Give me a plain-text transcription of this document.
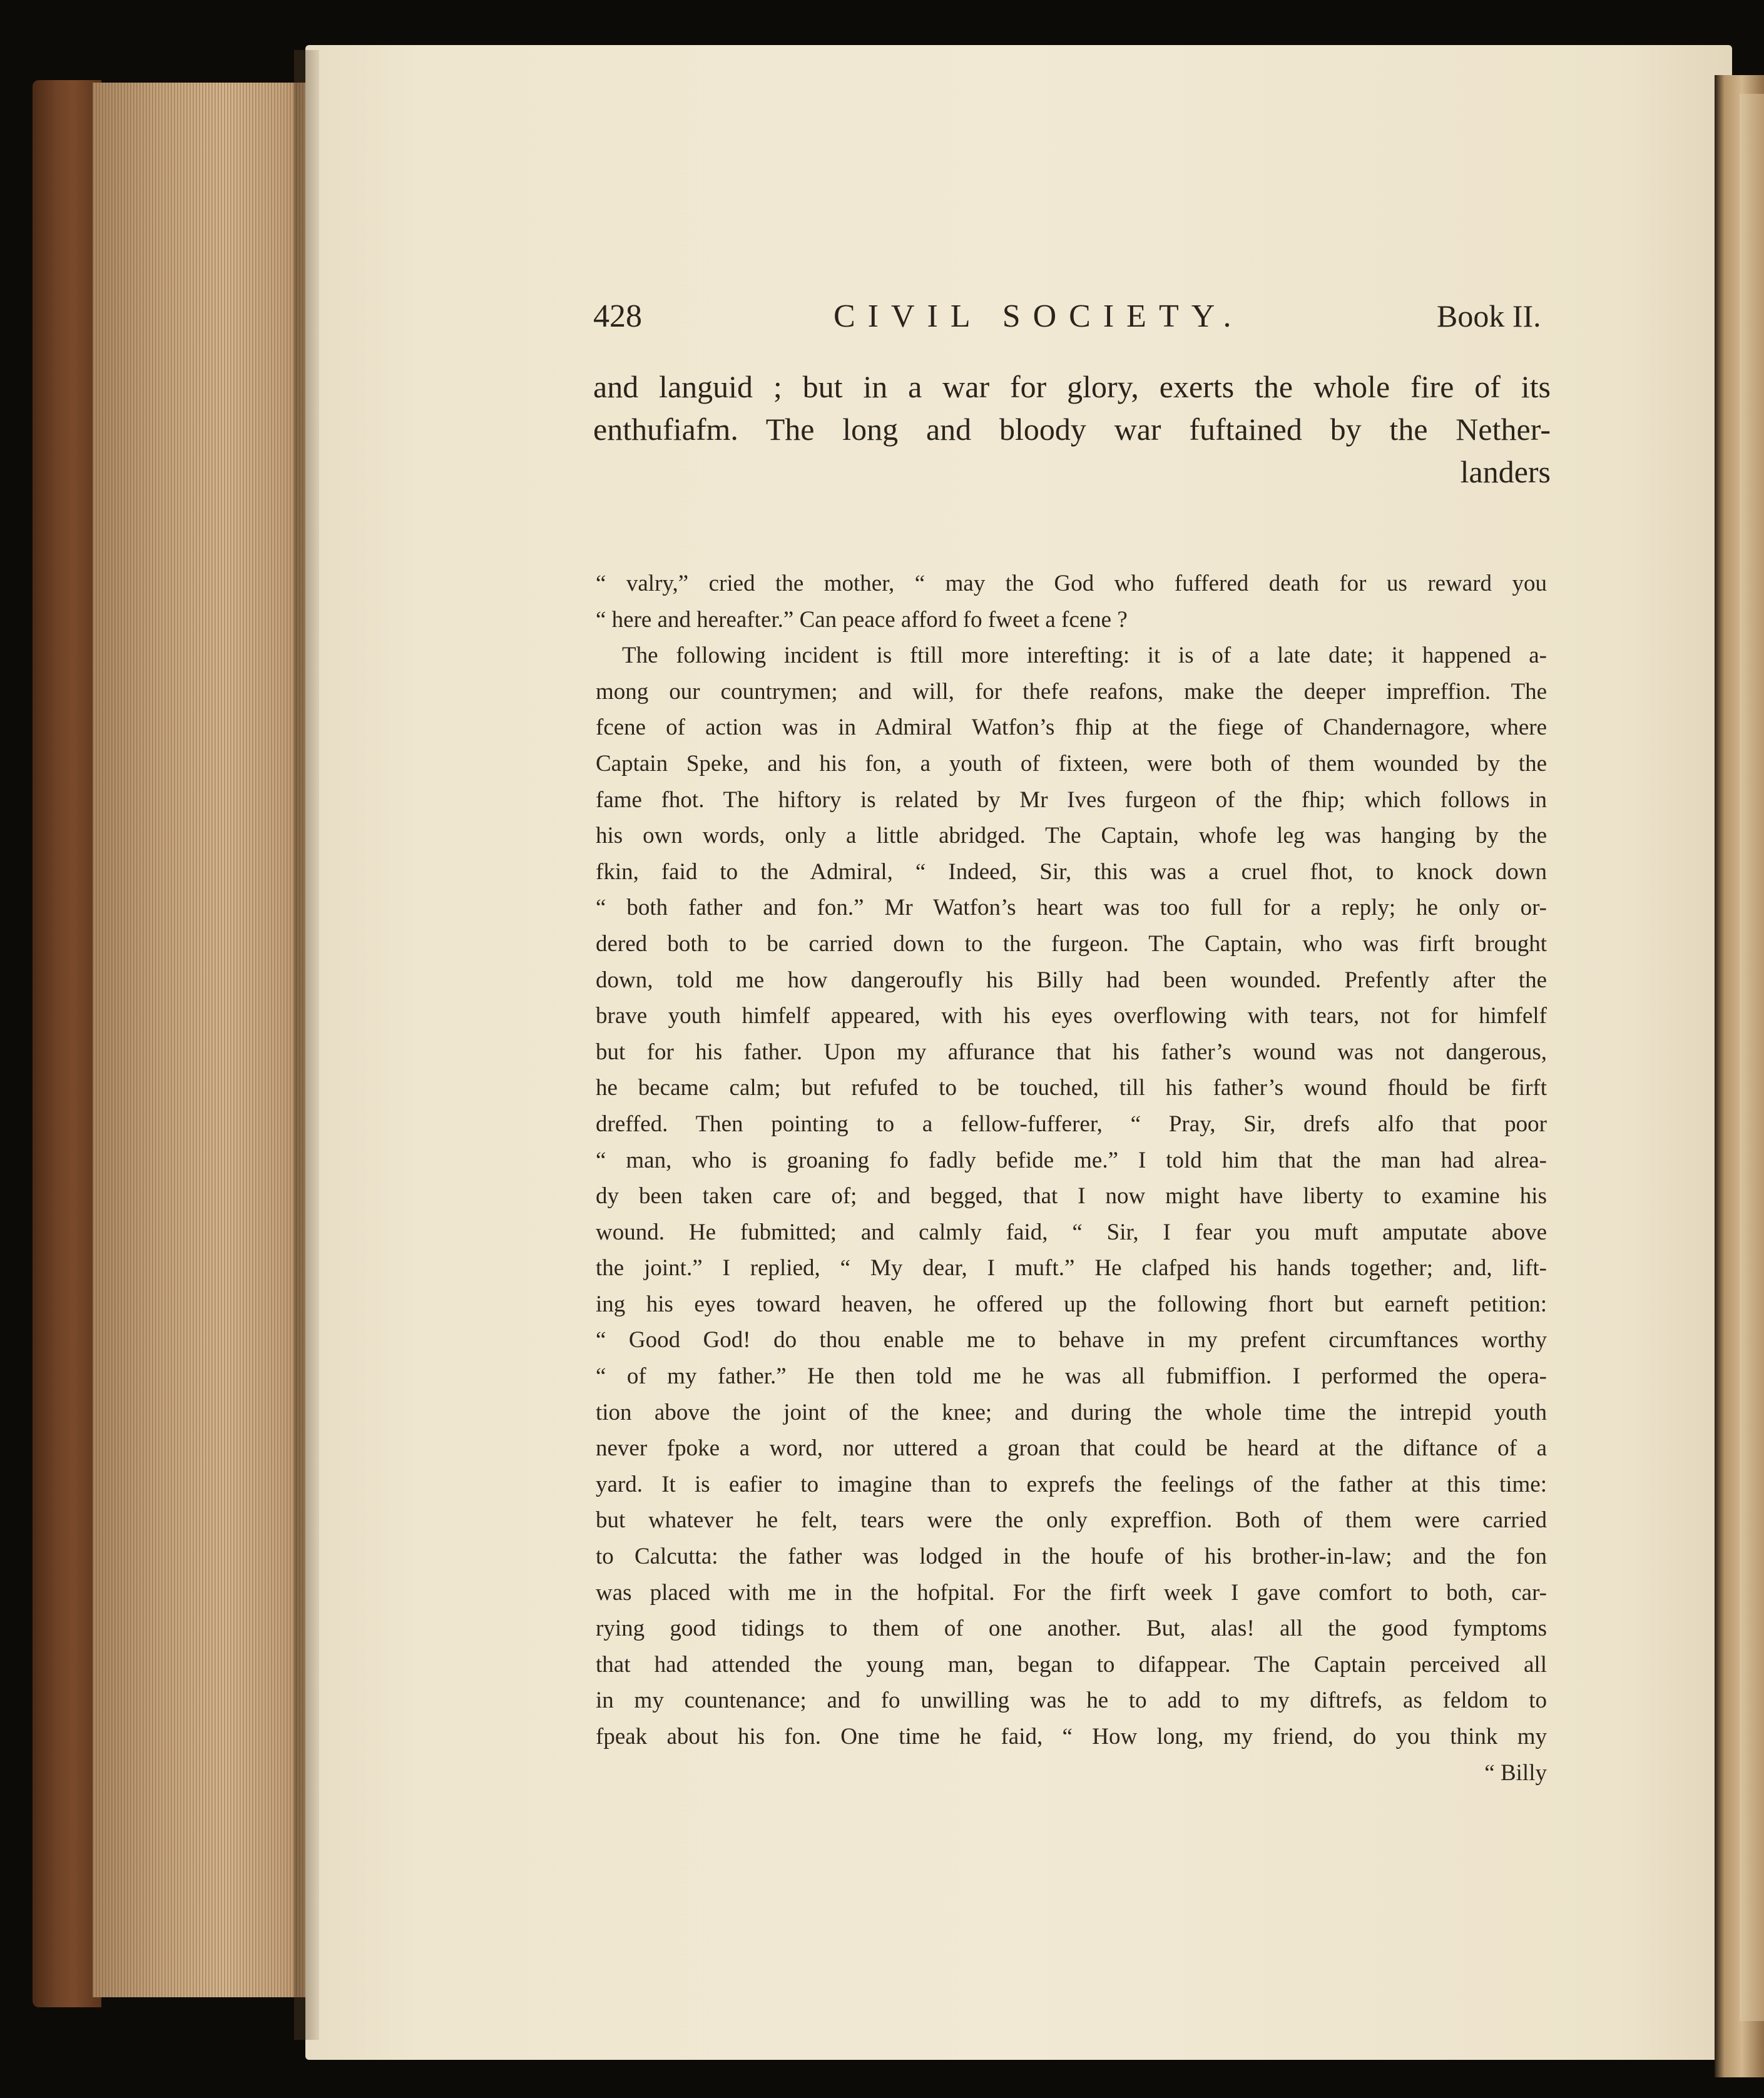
428	CIVIL SOCIETY.	Book II.
and languid ; but in a war for glory, exerts the whole fire of its
enthufiafm. The long and bloody war fuftained by the Nether-
landers
“ valry,” cried the mother, “ may the God who fuffered death for us reward you
“ here and hereafter.” Can peace afford fo fweet a fcene ?
The following incident is ftill more interefting: it is of a late date; it happened a-
mong our countrymen; and will, for thefe reafons, make the deeper impreffion. The
fcene of action was in Admiral Watfon’s fhip at the fiege of Chandernagore, where
Captain Speke, and his fon, a youth of fixteen, were both of them wounded by the
fame fhot. The hiftory is related by Mr Ives furgeon of the fhip; which follows in
his own words, only a little abridged. The Captain, whofe leg was hanging by the
fkin, faid to the Admiral, “ Indeed, Sir, this was a cruel fhot, to knock down
“ both father and fon.” Mr Watfon’s heart was too full for a reply; he only or-
dered both to be carried down to the furgeon. The Captain, who was firft brought
down, told me how dangeroufly his Billy had been wounded. Prefently after the
brave youth himfelf appeared, with his eyes overflowing with tears, not for himfelf
but for his father. Upon my affurance that his father’s wound was not dangerous,
he became calm; but refufed to be touched, till his father’s wound fhould be firft
dreffed. Then pointing to a fellow-fufferer, “ Pray, Sir, drefs alfo that poor
“ man, who is groaning fo fadly befide me.” I told him that the man had alrea-
dy been taken care of; and begged, that I now might have liberty to examine his
wound. He fubmitted; and calmly faid, “ Sir, I fear you muft amputate above
the joint.” I replied, “ My dear, I muft.” He clafped his hands together; and, lift-
ing his eyes toward heaven, he offered up the following fhort but earneft petition:
“ Good God! do thou enable me to behave in my prefent circumftances worthy
“ of my father.” He then told me he was all fubmiffion. I performed the opera-
tion above the joint of the knee; and during the whole time the intrepid youth
never fpoke a word, nor uttered a groan that could be heard at the diftance of a
yard. It is eafier to imagine than to exprefs the feelings of the father at this time:
but whatever he felt, tears were the only expreffion. Both of them were carried
to Calcutta: the father was lodged in the houfe of his brother-in-law; and the fon
was placed with me in the hofpital. For the firft week I gave comfort to both, car-
rying good tidings to them of one another. But, alas! all the good fymptoms
that had attended the young man, began to difappear. The Captain perceived all
in my countenance; and fo unwilling was he to add to my diftrefs, as feldom to
fpeak about his fon. One time he faid, “ How long, my friend, do you think my
“ Billy
